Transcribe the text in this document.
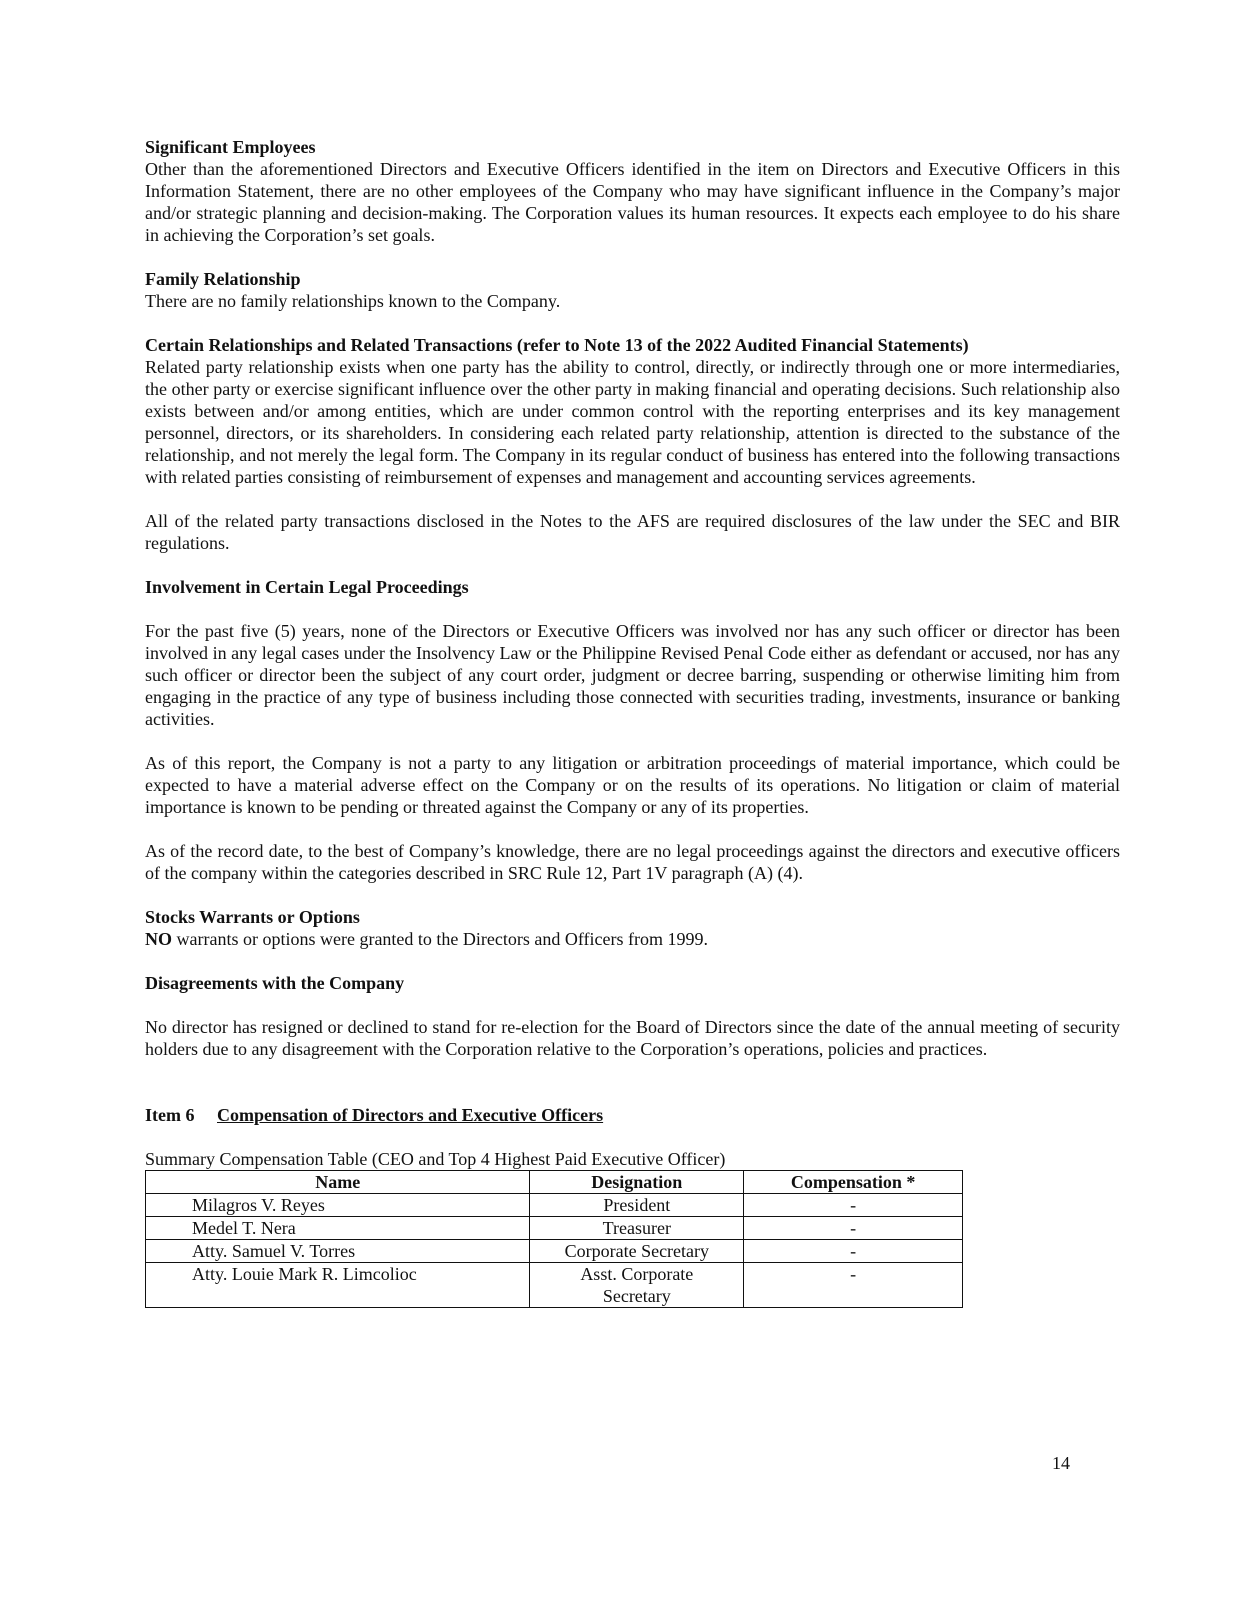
Significant Employees

Other than the aforementioned Directors and Executive Officers identified in the item on Directors and Executive Officers in this Information Statement, there are no other employees of the Company who may have significant influence in the Company’s major and/or strategic planning and decision-making. The Corporation values its human resources. It expects each employee to do his share in achieving the Corporation’s set goals.

Family Relationship

There are no family relationships known to the Company.

Certain Relationships and Related Transactions (refer to Note 13 of the 2022 Audited Financial Statements)

Related party relationship exists when one party has the ability to control, directly, or indirectly through one or more intermediaries, the other party or exercise significant influence over the other party in making financial and operating decisions. Such relationship also exists between and/or among entities, which are under common control with the reporting enterprises and its key management personnel, directors, or its shareholders. In considering each related party relationship, attention is directed to the substance of the relationship, and not merely the legal form. The Company in its regular conduct of business has entered into the following transactions with related parties consisting of reimbursement of expenses and management and accounting services agreements.

All of the related party transactions disclosed in the Notes to the AFS are required disclosures of the law under the SEC and BIR regulations.

Involvement in Certain Legal Proceedings

For the past five (5) years, none of the Directors or Executive Officers was involved nor has any such officer or director has been involved in any legal cases under the Insolvency Law or the Philippine Revised Penal Code either as defendant or accused, nor has any such officer or director been the subject of any court order, judgment or decree barring, suspending or otherwise limiting him from engaging in the practice of any type of business including those connected with securities trading, investments, insurance or banking activities.

As of this report, the Company is not a party to any litigation or arbitration proceedings of material importance, which could be expected to have a material adverse effect on the Company or on the results of its operations. No litigation or claim of material importance is known to be pending or threated against the Company or any of its properties.

As of the record date, to the best of Company’s knowledge, there are no legal proceedings against the directors and executive officers of the company within the categories described in SRC Rule 12, Part 1V paragraph (A) (4).

Stocks Warrants or Options

NO warrants or options were granted to the Directors and Officers from 1999.

Disagreements with the Company

No director has resigned or declined to stand for re-election for the Board of Directors since the date of the annual meeting of security holders due to any disagreement with the Corporation relative to the Corporation’s operations, policies and practices.

Item 6 Compensation of Directors and Executive Officers

Summary Compensation Table (CEO and Top 4 Highest Paid Executive Officer)

Name	Designation	Compensation *
Milagros V. Reyes	President	-
Medel T. Nera	Treasurer	-
Atty. Samuel V. Torres	Corporate Secretary	-
Atty. Louie Mark R. Limcolioc	Asst. Corporate Secretary	-
14
